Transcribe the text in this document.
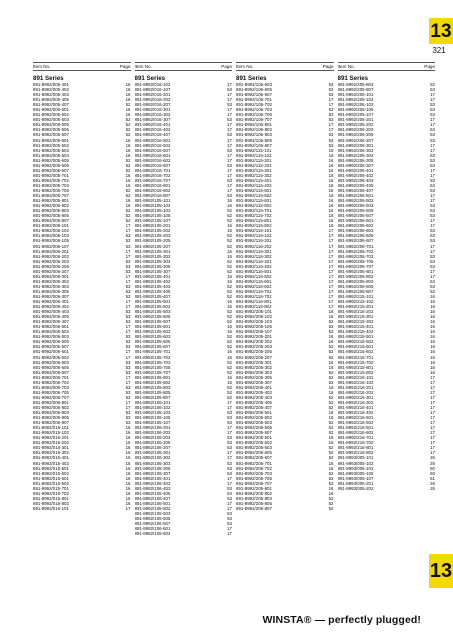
13
321
Item No.	Page
891 Series
891-8992/005-401	16
891-8992/005-402	16
891-8992/005-403	16
891-8992/005-405	16
891-8992/005-407	52
891-8992/005-501	16
891-8992/005-502	16
891-8992/005-503	52
891-8992/005-505	52
891-8992/005-506	52
891-8992/005-507	52
891-8992/005-601	16
891-8992/005-602	16
891-8992/005-603	16
891-8992/005-604	16
891-8992/005-605	52
891-8992/005-606	52
891-8992/005-607	52
891-8992/005-701	16
891-8992/005-702	16
891-8992/005-703	16
891-8992/005-705	52
891-8992/005-707	52
891-8992/005-801	16
891-8992/005-802	16
891-8992/005-803	52
891-8992/005-805	52
891-8992/005-807	52
891-8992/006-101	17
891-8992/006-102	17
891-8992/006-103	53
891-8992/006-105	53
891-8992/006-107	53
891-8992/006-201	17
891-8992/006-202	17
891-8992/006-203	53
891-8992/006-205	53
891-8992/006-207	53
891-8992/006-301	17
891-8992/006-302	17
891-8992/006-303	53
891-8992/006-305	53
891-8992/006-307	53
891-8992/006-401	17
891-8992/006-402	17
891-8992/006-403	53
891-8992/006-405	53
891-8992/006-407	53
891-8992/006-501	17
891-8992/006-502	17
891-8992/006-503	53
891-8992/006-505	53
891-8992/006-507	53
891-8992/006-601	17
891-8992/006-602	17
891-8992/006-603	53
891-8992/006-605	53
891-8992/006-607	53
891-8992/006-701	17
891-8992/006-702	17
891-8992/006-703	53
891-8992/006-705	53
891-8992/006-707	53
891-8992/006-801	17
891-8992/006-802	17
891-8992/006-803	53
891-8992/006-805	53
891-8992/006-807	53
891-8992/015-101	16
891-8992/015-102	16
891-8992/015-201	16
891-8992/015-202	16
891-8992/015-301	16
891-8992/015-302	16
891-8992/015-401	16
891-8992/015-402	16
891-8992/015-501	16
891-8992/015-502	16
891-8992/015-601	16
891-8992/015-602	16
891-8992/015-701	16
891-8992/015-702	16
891-8992/015-801	16
891-8992/015-802	16
891-8992/016-101	17
Item No.	Page
891 Series
891-8992/016-102	17
891-8992/016-107	53
891-8992/016-201	17
891-8992/016-202	17
891-8992/016-207	53
891-8992/016-301	17
891-8992/016-302	17
891-8992/016-307	53
891-8992/016-401	17
891-8992/016-402	17
891-8992/016-407	53
891-8992/016-501	17
891-8992/016-502	17
891-8992/016-507	53
891-8992/016-601	17
891-8992/016-602	17
891-8992/016-607	53
891-8992/016-701	17
891-8992/016-702	17
891-8992/016-707	53
891-8992/016-801	17
891-8992/016-802	17
891-8992/016-807	53
891-8992/105-101	16
891-8992/105-102	16
891-8992/105-103	52
891-8992/105-105	52
891-8992/105-107	52
891-8992/105-201	16
891-8992/105-202	16
891-8992/105-203	52
891-8992/105-205	52
891-8992/105-207	52
891-8992/105-301	16
891-8992/105-302	16
891-8992/105-303	52
891-8992/105-305	52
891-8992/105-307	52
891-8992/105-401	16
891-8992/105-402	16
891-8992/105-403	52
891-8992/105-405	52
891-8992/105-407	52
891-8992/105-501	16
891-8992/105-502	16
891-8992/105-503	52
891-8992/105-505	52
891-8992/105-507	52
891-8992/105-601	16
891-8992/105-602	16
891-8992/105-603	52
891-8992/105-605	52
891-8992/105-607	52
891-8992/105-701	16
891-8992/105-702	16
891-8992/105-703	52
891-8992/105-705	52
891-8992/105-707	52
891-8992/105-801	16
891-8992/105-802	16
891-8992/105-803	52
891-8992/105-805	52
891-8992/105-807	52
891-8992/106-101	17
891-8992/106-102	17
891-8992/106-103	53
891-8992/106-105	53
891-8992/106-107	53
891-8992/106-201	17
891-8992/106-202	17
891-8992/106-203	53
891-8992/106-205	53
891-8992/106-207	53
891-8992/106-301	17
891-8992/106-302	17
891-8992/106-303	53
891-8992/106-305	53
891-8992/106-307	53
891-8992/106-401	17
891-8992/106-402	17
891-8992/106-403	53
891-8992/106-405	53
891-8992/106-407	53
891-8992/106-501	17
891-8992/106-502	17
891-8992/106-503	53
891-8992/106-505	53
891-8992/106-507	53
891-8992/106-601	17
891-8992/106-602	17
Item No.	Page
891 Series
891-8992/106-603	53
891-8992/106-605	53
891-8992/106-607	53
891-8992/106-701	17
891-8992/106-702	17
891-8992/106-703	53
891-8992/106-705	53
891-8992/106-707	53
891-8992/106-801	17
891-8992/106-802	17
891-8992/106-803	53
891-8992/106-805	53
891-8992/106-807	53
891-8992/115-101	16
891-8992/115-102	16
891-8992/115-201	16
891-8992/115-202	16
891-8992/115-301	16
891-8992/115-302	16
891-8992/115-401	16
891-8992/115-402	16
891-8992/115-501	16
891-8992/115-502	16
891-8992/115-601	16
891-8992/115-602	16
891-8992/115-701	16
891-8992/115-702	16
891-8992/115-801	16
891-8992/115-802	16
891-8992/116-101	17
891-8992/116-102	17
891-8992/116-201	17
891-8992/116-202	17
891-8992/116-301	17
891-8992/116-302	17
891-8992/116-401	17
891-8992/116-402	17
891-8992/116-501	17
891-8992/116-502	17
891-8992/116-601	17
891-8992/116-602	17
891-8992/116-701	17
891-8992/116-702	17
891-8992/116-801	17
891-8992/116-802	17
891-8992/205-101	16
891-8992/205-102	16
891-8992/205-103	52
891-8992/205-105	52
891-8992/205-107	52
891-8992/205-201	16
891-8992/205-202	16
891-8992/205-203	52
891-8992/205-205	52
891-8992/205-207	52
891-8992/205-301	16
891-8992/205-302	16
891-8992/205-303	52
891-8992/205-305	52
891-8992/205-307	52
891-8992/205-401	16
891-8992/205-402	16
891-8992/205-403	52
891-8992/205-405	52
891-8992/205-407	52
891-8992/205-501	16
891-8992/205-502	16
891-8992/205-503	52
891-8992/205-505	52
891-8992/205-507	52
891-8992/205-601	16
891-8992/205-602	16
891-8992/205-603	52
891-8992/205-605	52
891-8992/205-607	52
891-8992/205-701	16
891-8992/205-702	16
891-8992/205-703	52
891-8992/205-705	52
891-8992/205-707	52
891-8992/205-801	16
891-8992/205-802	16
891-8992/205-803	52
891-8992/205-805	52
891-8992/205-807	52
Item No.	Page
891 Series
891-8992/205-803	52
891-8992/205-807	53
891-8992/206-101	17
891-8992/206-102	17
891-8992/206-103	53
891-8992/206-105	53
891-8992/206-107	53
891-8992/206-201	17
891-8992/206-202	17
891-8992/206-203	53
891-8992/206-205	53
891-8992/206-207	53
891-8992/206-301	17
891-8992/206-302	17
891-8992/206-303	53
891-8992/206-305	53
891-8992/206-307	53
891-8992/206-401	17
891-8992/206-402	17
891-8992/206-403	53
891-8992/206-405	53
891-8992/206-407	53
891-8992/206-501	17
891-8992/206-502	17
891-8992/206-503	53
891-8992/206-505	53
891-8992/206-507	53
891-8992/206-601	17
891-8992/206-602	17
891-8992/206-603	53
891-8992/206-605	53
891-8992/206-607	53
891-8992/206-701	17
891-8992/206-702	17
891-8992/206-703	53
891-8992/206-705	53
891-8992/206-707	53
891-8992/206-801	17
891-8992/206-802	17
891-8992/206-803	53
891-8992/206-805	53
891-8992/206-807	53
891-8992/215-101	16
891-8992/215-102	16
891-8992/215-201	16
891-8992/215-202	16
891-8992/215-301	16
891-8992/215-302	16
891-8992/215-401	16
891-8992/215-402	16
891-8992/215-501	16
891-8992/215-502	16
891-8992/215-601	16
891-8992/215-602	16
891-8992/215-701	16
891-8992/215-702	16
891-8992/215-801	16
891-8992/215-802	16
891-8992/216-101	17
891-8992/216-102	17
891-8992/216-201	17
891-8992/216-202	17
891-8992/216-301	17
891-8992/216-302	17
891-8992/216-401	17
891-8992/216-402	17
891-8992/216-501	17
891-8992/216-502	17
891-8992/216-601	17
891-8992/216-602	17
891-8992/216-701	17
891-8992/216-702	17
891-8992/216-801	17
891-8992/216-802	17
891-8993/005-101	26
891-8993/005-102	26
891-8993/005-103	60
891-8993/005-105	60
891-8993/005-107	61
891-8993/005-201	26
891-8993/005-202	26
13
WINSTA® — perfectly plugged!
